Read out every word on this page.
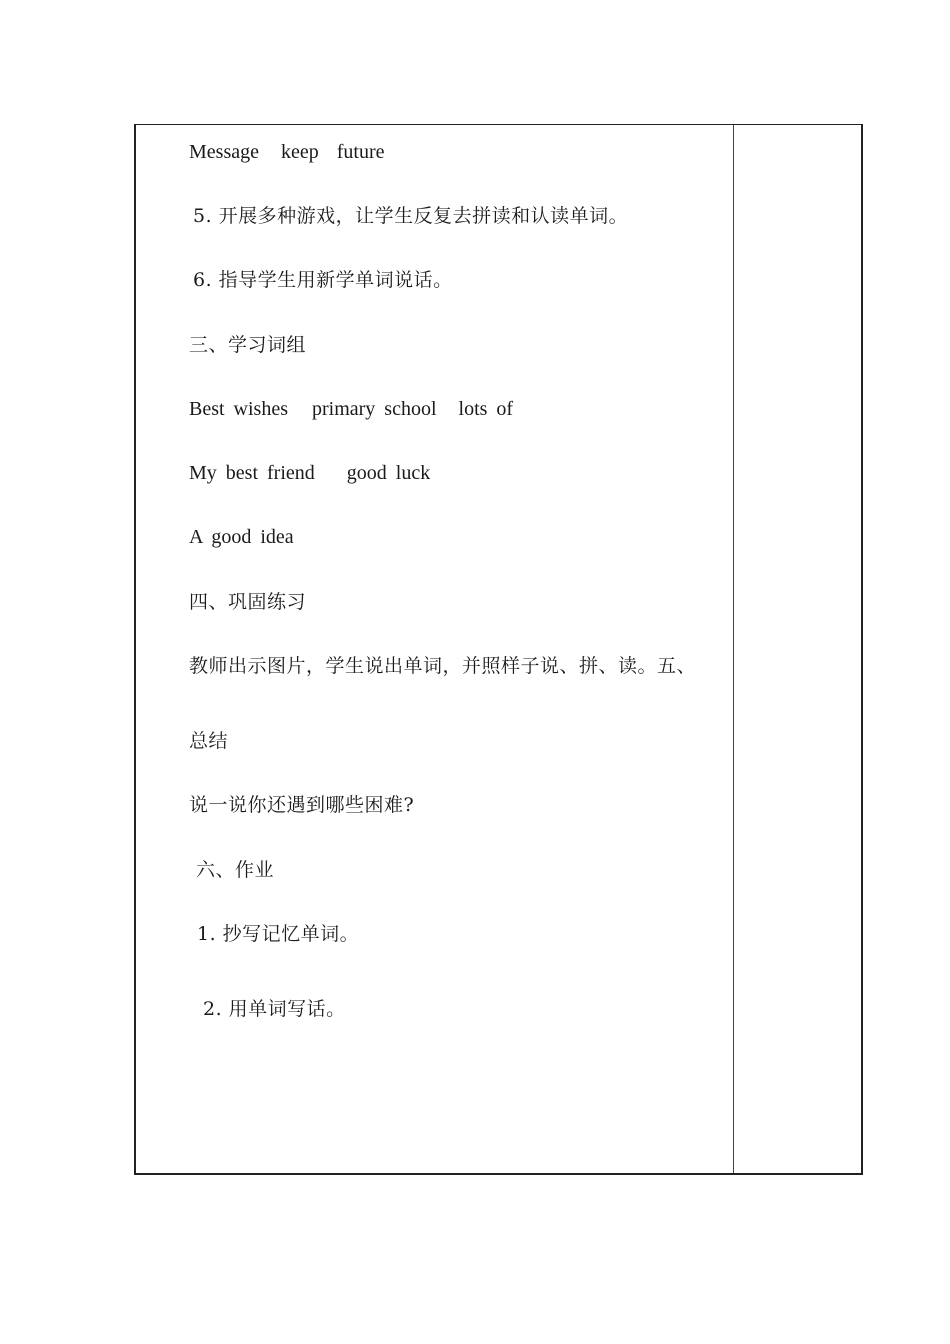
Message keep future
5. 开展多种游戏，让学生反复去拼读和认读单词。
6. 指导学生用新学单词说话。
三、学习词组
Best wishes primary school lots of
My best friend good luck
A good idea
四、巩固练习
教师出示图片，学生说出单词，并照样子说、拼、读。五、
总结
说一说你还遇到哪些困难?
六、作业
1. 抄写记忆单词。
2. 用单词写话。
